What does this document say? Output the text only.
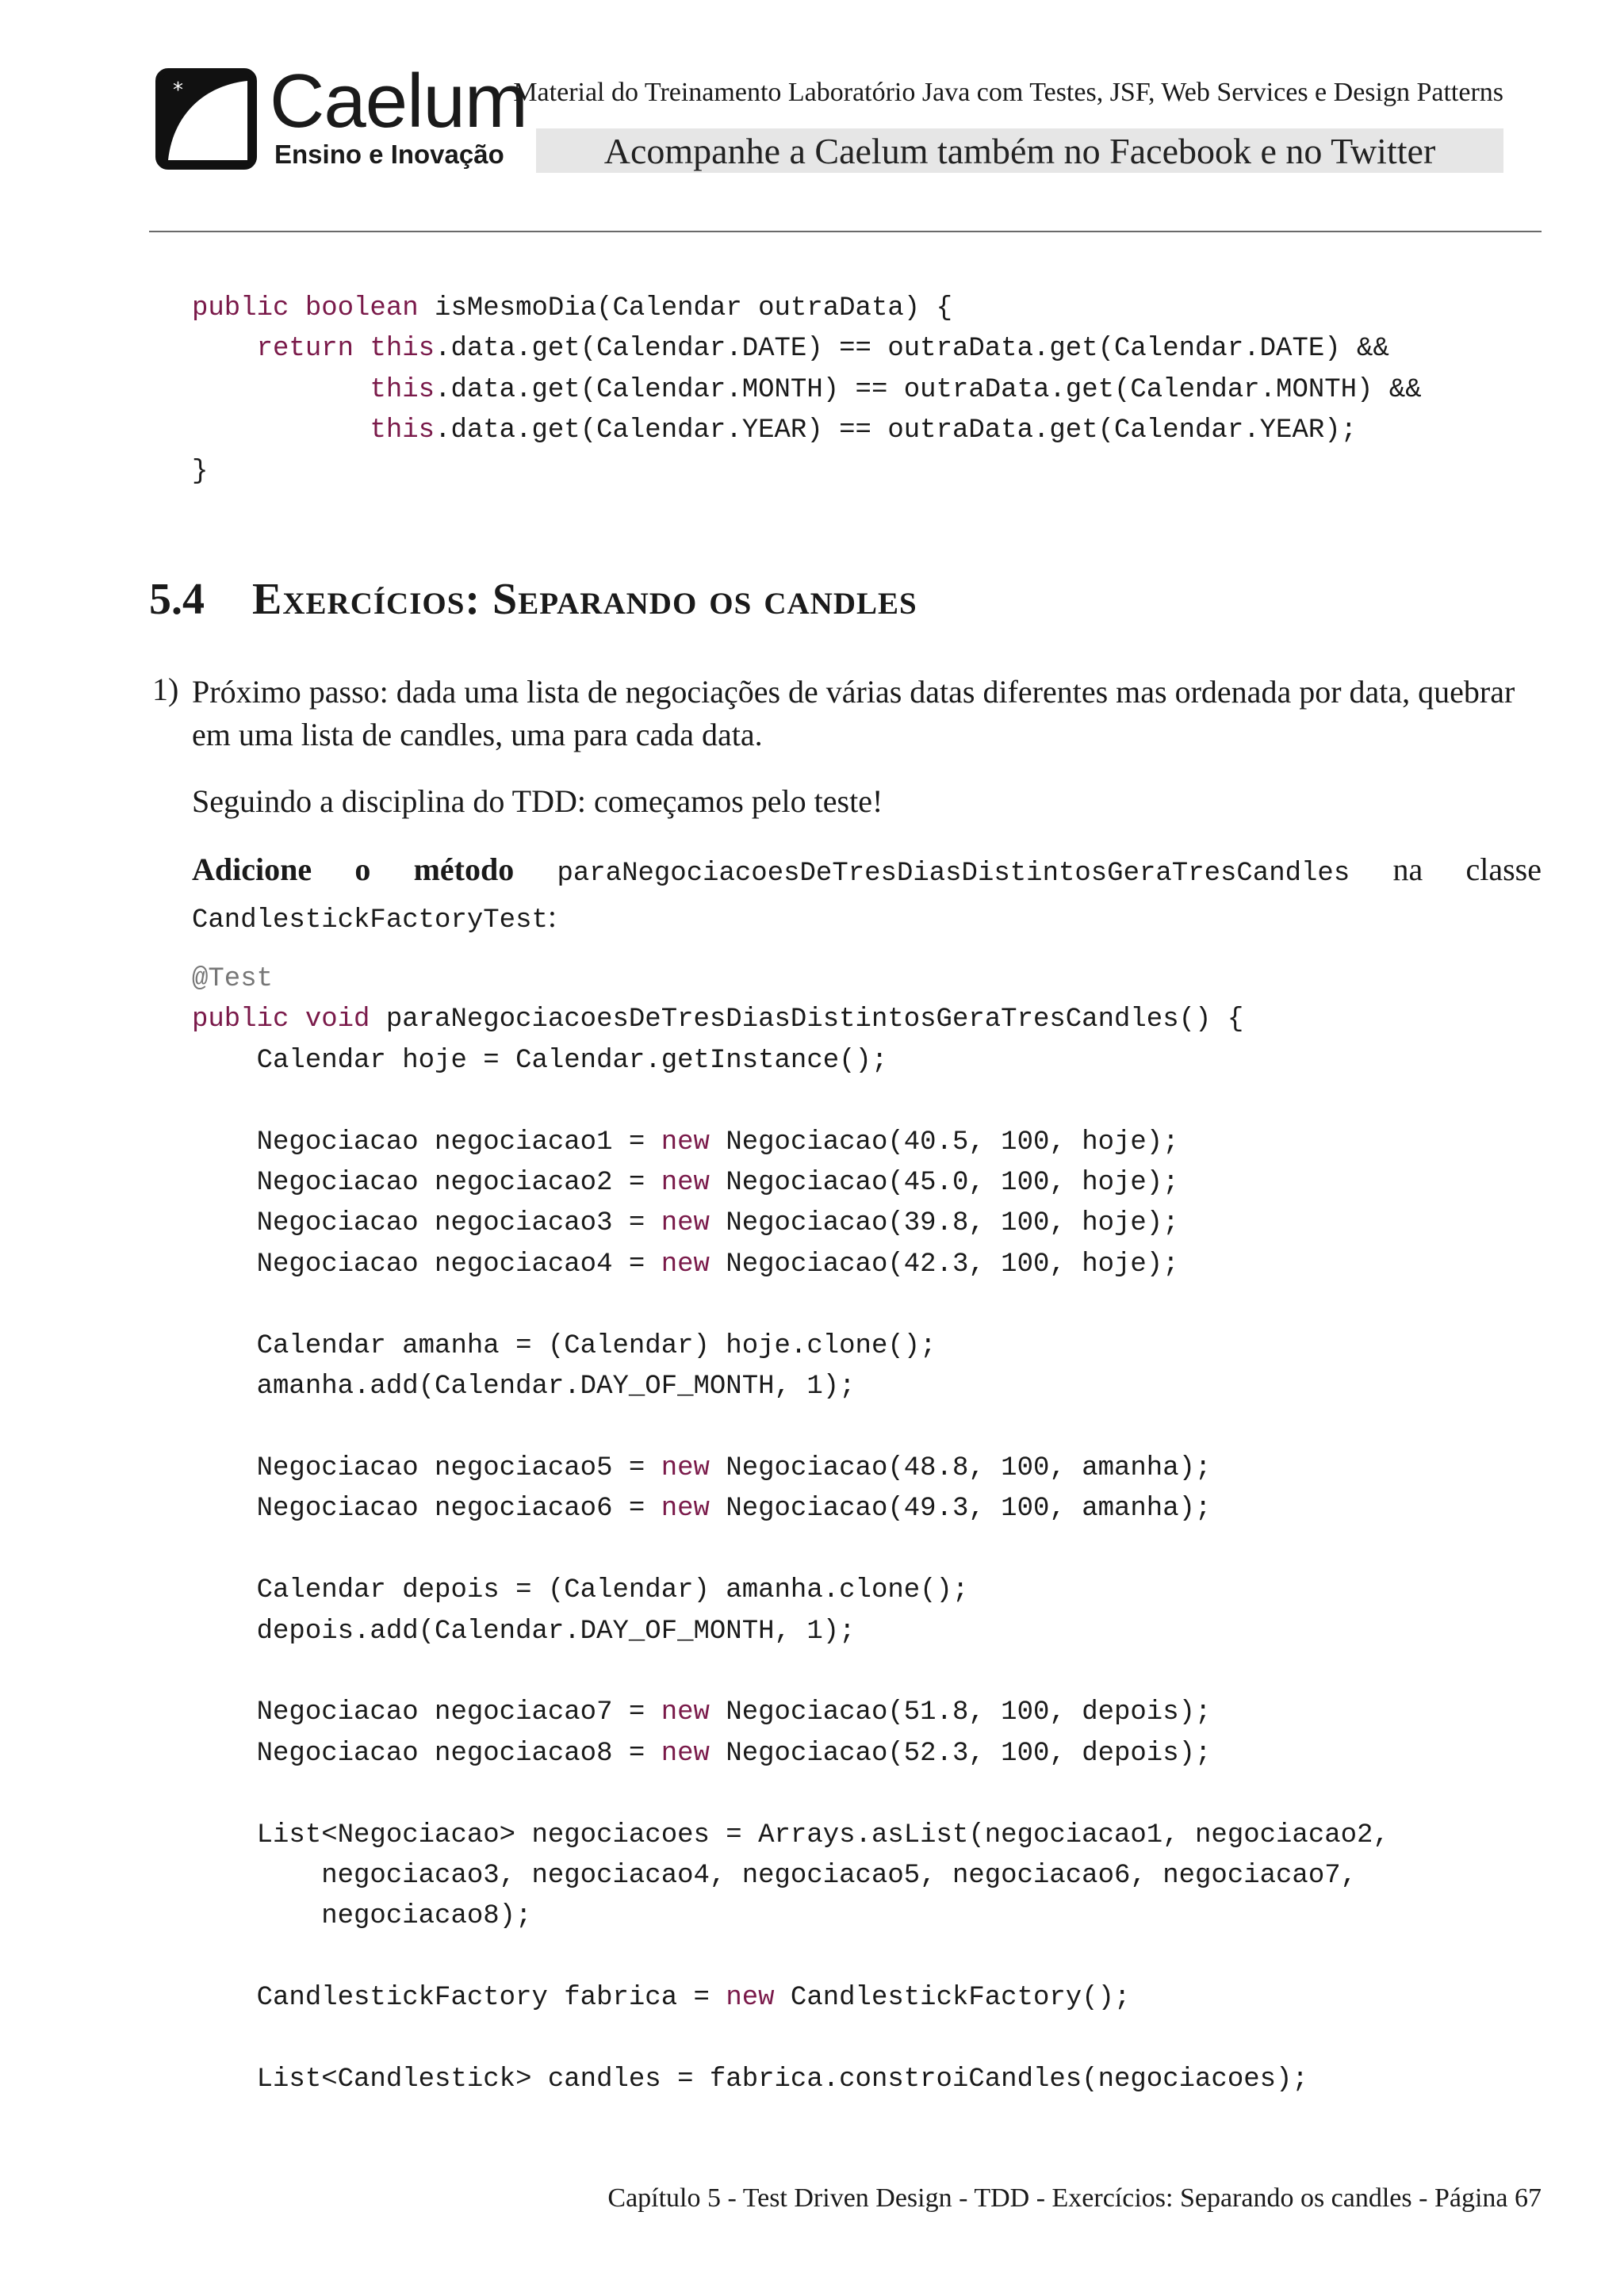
* Caelum
Ensino e Inovação
Material do Treinamento Laboratório Java com Testes, JSF, Web Services e Design Patterns
Acompanhe a Caelum também no Facebook e no Twitter
public boolean isMesmoDia(Calendar outraData) {
return this.data.get(Calendar.DATE) == outraData.get(Calendar.DATE) &&
this.data.get(Calendar.MONTH) == outraData.get(Calendar.MONTH) &&
this.data.get(Calendar.YEAR) == outraData.get(Calendar.YEAR);
}

5.4 Exercícios: Separando os candles
1) Próximo passo: dada uma lista de negociações de várias datas diferentes mas ordenada por data, quebrar em uma lista de candles, uma para cada data.

Seguindo a disciplina do TDD: começamos pelo teste!

Adicione o método paraNegociacoesDeTresDiasDistintosGeraTresCandles na classe
CandlestickFactoryTest:
@Test
public void paraNegociacoesDeTresDiasDistintosGeraTresCandles() {
Calendar hoje = Calendar.getInstance();

Negociacao negociacao1 = new Negociacao(40.5, 100, hoje);
Negociacao negociacao2 = new Negociacao(45.0, 100, hoje);
Negociacao negociacao3 = new Negociacao(39.8, 100, hoje);
Negociacao negociacao4 = new Negociacao(42.3, 100, hoje);

Calendar amanha = (Calendar) hoje.clone();
amanha.add(Calendar.DAY_OF_MONTH, 1);

Negociacao negociacao5 = new Negociacao(48.8, 100, amanha);
Negociacao negociacao6 = new Negociacao(49.3, 100, amanha);

Calendar depois = (Calendar) amanha.clone();
depois.add(Calendar.DAY_OF_MONTH, 1);

Negociacao negociacao7 = new Negociacao(51.8, 100, depois);
Negociacao negociacao8 = new Negociacao(52.3, 100, depois);

List<Negociacao> negociacoes = Arrays.asList(negociacao1, negociacao2,
negociacao3, negociacao4, negociacao5, negociacao6, negociacao7,
negociacao8);

CandlestickFactory fabrica = new CandlestickFactory();

List<Candlestick> candles = fabrica.constroiCandles(negociacoes);

Capítulo 5 - Test Driven Design - TDD - Exercícios: Separando os candles - Página 67
